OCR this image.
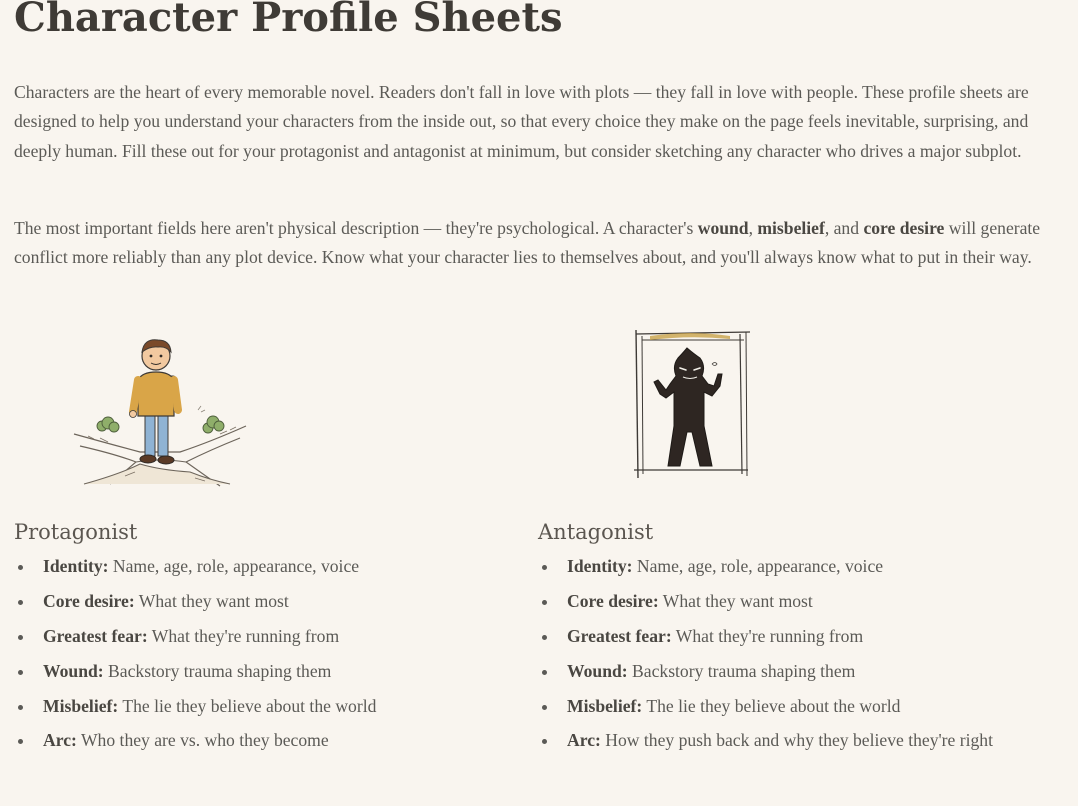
Character Profile Sheets

Characters are the heart of every memorable novel. Readers don't fall in love with plots — they fall in love with people. These profile sheets are designed to help you understand your characters from the inside out, so that every choice they make on the page feels inevitable, surprising, and deeply human. Fill these out for your protagonist and antagonist at minimum, but consider sketching any character who drives a major subplot.

The most important fields here aren't physical description — they're psychological. A character's wound, misbelief, and core desire will generate conflict more reliably than any plot device. Know what your character lies to themselves about, and you'll always know what to put in their way.

Protagonist
Identity: Name, age, role, appearance, voice
Core desire: What they want most
Greatest fear: What they're running from
Wound: Backstory trauma shaping them
Misbelief: The lie they believe about the world
Arc: Who they are vs. who they become
Antagonist
Identity: Name, age, role, appearance, voice
Core desire: What they want most
Greatest fear: What they're running from
Wound: Backstory trauma shaping them
Misbelief: The lie they believe about the world
Arc: How they push back and why they believe they're right
